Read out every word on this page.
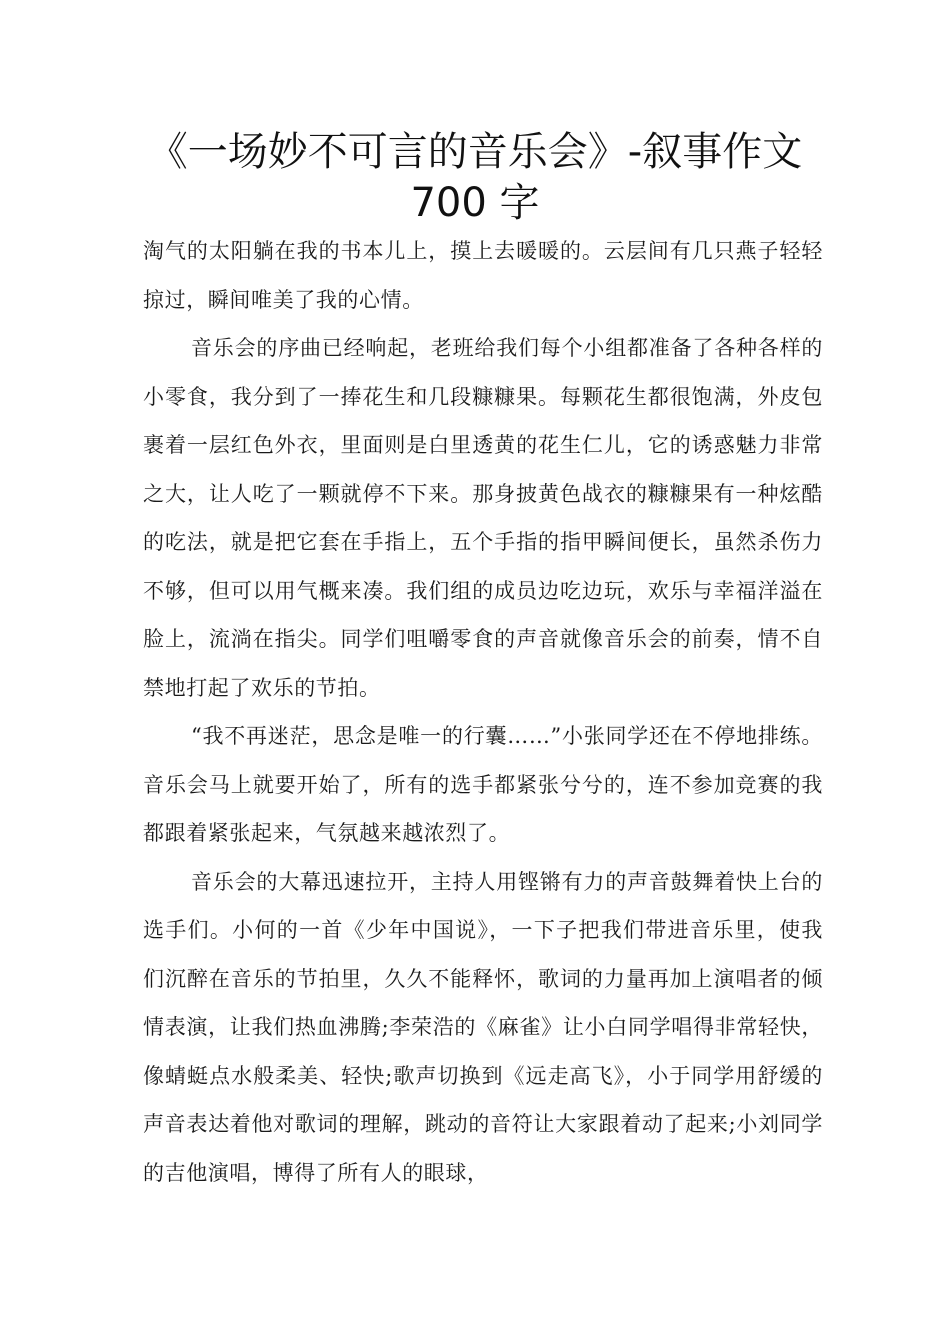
《一场妙不可言的音乐会》-叙事作文
700 字

淘气的太阳躺在我的书本儿上，摸上去暖暖的。云层间有几只燕子轻轻掠过，瞬间唯美了我的心情。

音乐会的序曲已经响起，老班给我们每个小组都准备了各种各样的小零食，我分到了一捧花生和几段糠糠果。每颗花生都很饱满，外皮包裹着一层红色外衣，里面则是白里透黄的花生仁儿，它的诱惑魅力非常之大，让人吃了一颗就停不下来。那身披黄色战衣的糠糠果有一种炫酷的吃法，就是把它套在手指上，五个手指的指甲瞬间便长，虽然杀伤力不够，但可以用气概来凑。我们组的成员边吃边玩，欢乐与幸福洋溢在脸上，流淌在指尖。同学们咀嚼零食的声音就像音乐会的前奏，情不自禁地打起了欢乐的节拍。

“我不再迷茫，思念是唯一的行囊……”小张同学还在不停地排练。音乐会马上就要开始了，所有的选手都紧张兮兮的，连不参加竞赛的我都跟着紧张起来，气氛越来越浓烈了。

音乐会的大幕迅速拉开，主持人用铿锵有力的声音鼓舞着快上台的选手们。小何的一首《少年中国说》，一下子把我们带进音乐里，使我们沉醉在音乐的节拍里，久久不能释怀，歌词的力量再加上演唱者的倾情表演，让我们热血沸腾;李荣浩的《麻雀》让小白同学唱得非常轻快，像蜻蜓点水般柔美、轻快;歌声切换到《远走高飞》，小于同学用舒缓的声音表达着他对歌词的理解，跳动的音符让大家跟着动了起来;小刘同学的吉他演唱，博得了所有人的眼球，
